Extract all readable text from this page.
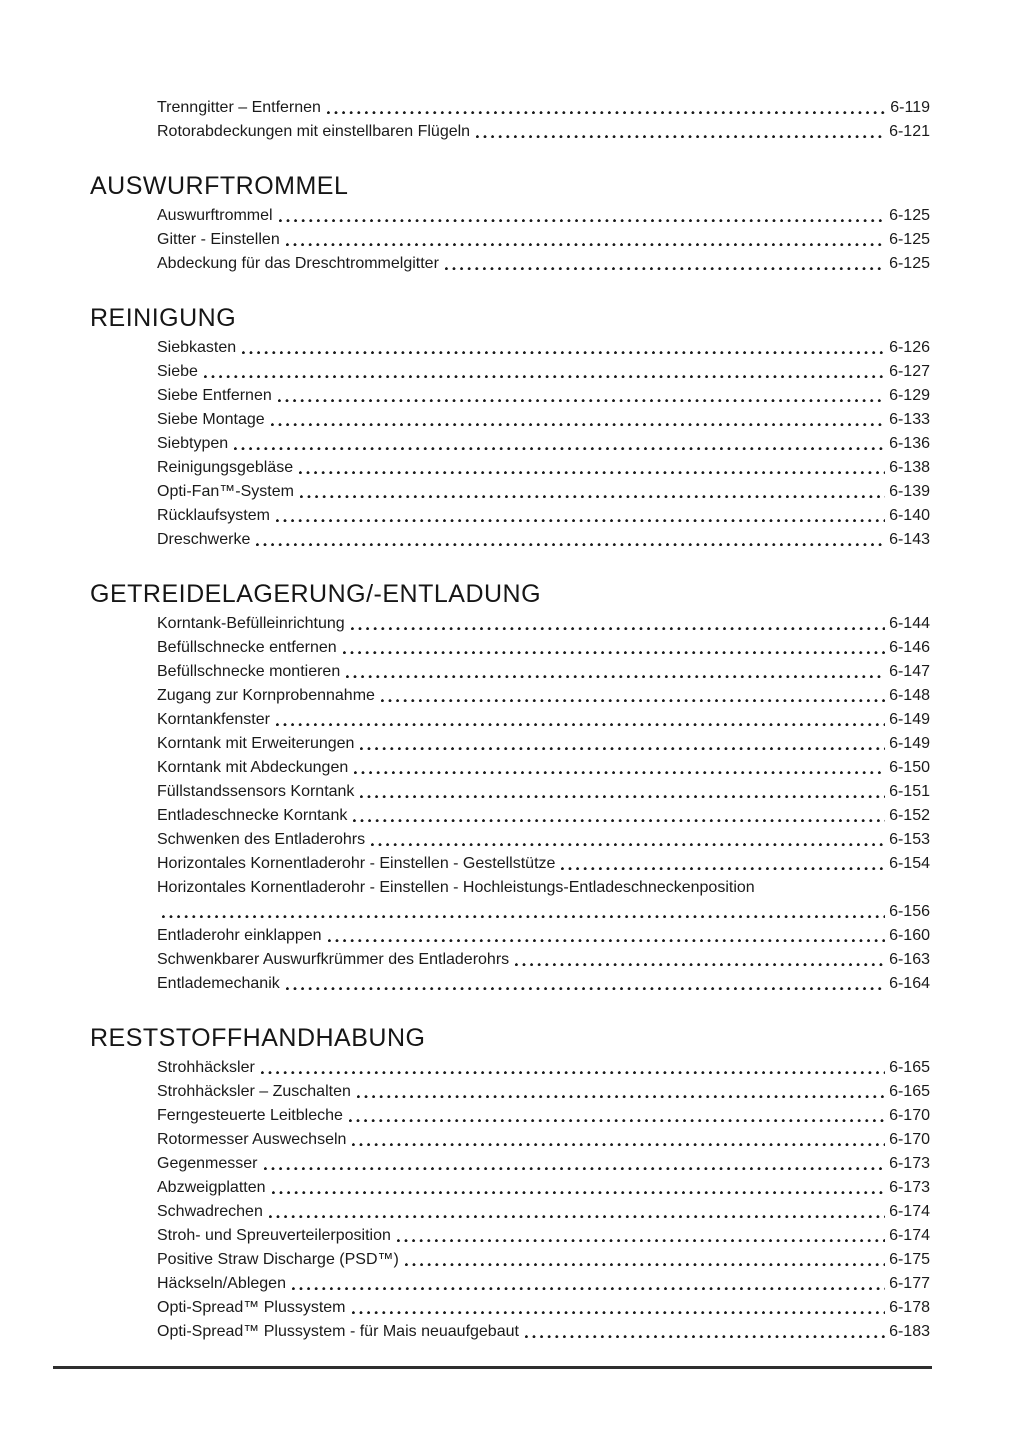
Trenngitter – Entfernen	6-119
Rotorabdeckungen mit einstellbaren Flügeln	6-121
AUSWURFTROMMEL
Auswurftrommel	6-125
Gitter - Einstellen	6-125
Abdeckung für das Dreschtrommelgitter	6-125
REINIGUNG
Siebkasten	6-126
Siebe	6-127
Siebe Entfernen	6-129
Siebe Montage	6-133
Siebtypen	6-136
Reinigungsgebläse	6-138
Opti-Fan™-System	6-139
Rücklaufsystem	6-140
Dreschwerke	6-143
GETREIDELAGERUNG/-ENTLADUNG
Korntank-Befülleinrichtung	6-144
Befüllschnecke entfernen	6-146
Befüllschnecke montieren	6-147
Zugang zur Kornprobennahme	6-148
Korntankfenster	6-149
Korntank mit Erweiterungen	6-149
Korntank mit Abdeckungen	6-150
Füllstandssensors Korntank	6-151
Entladeschnecke Korntank	6-152
Schwenken des Entladerohrs	6-153
Horizontales Kornentladerohr - Einstellen - Gestellstütze	6-154
Horizontales Kornentladerohr - Einstellen - Hochleistungs-Entladeschneckenposition
6-156
Entladerohr einklappen	6-160
Schwenkbarer Auswurfkrümmer des Entladerohrs	6-163
Entlademechanik	6-164
RESTSTOFFHANDHABUNG
Strohhäcksler	6-165
Strohhäcksler – Zuschalten	6-165
Ferngesteuerte Leitbleche	6-170
Rotormesser Auswechseln	6-170
Gegenmesser	6-173
Abzweigplatten	6-173
Schwadrechen	6-174
Stroh- und Spreuverteilerposition	6-174
Positive Straw Discharge (PSD™)	6-175
Häckseln/Ablegen	6-177
Opti-Spread™ Plussystem	6-178
Opti-Spread™ Plussystem - für Mais neuaufgebaut	6-183
